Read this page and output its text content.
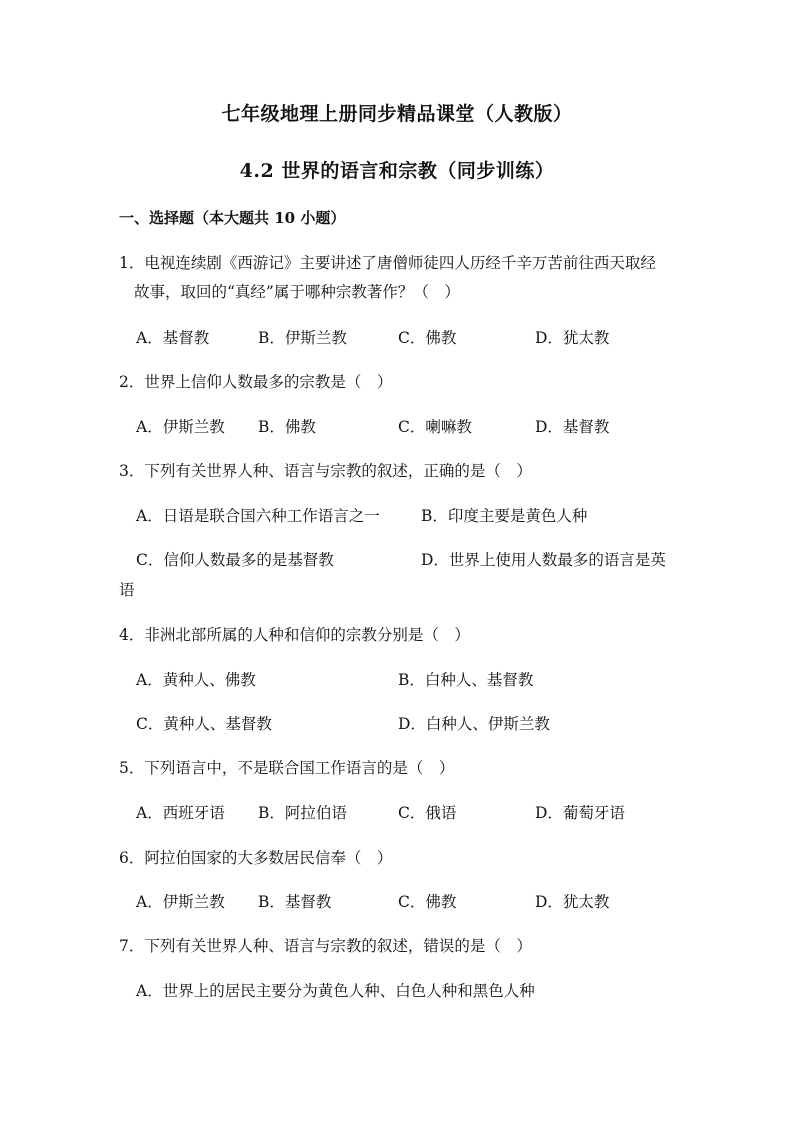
七年级地理上册同步精品课堂（人教版）
4.2 世界的语言和宗教（同步训练）
一、选择题（本大题共 10 小题）
1．电视连续剧《西游记》主要讲述了唐僧师徒四人历经千辛万苦前往西天取经
故事，取回的“真经”属于哪种宗教著作？（　）
A．基督教	B．伊斯兰教	C．佛教	D．犹太教
2．世界上信仰人数最多的宗教是（　）
A．伊斯兰教 B．佛教	C．喇嘛教	D．基督教
3．下列有关世界人种、语言与宗教的叙述，正确的是（　）
A．日语是联合国六种工作语言之一	B．印度主要是黄色人种
C．信仰人数最多的是基督教	D．世界上使用人数最多的语言是英
语
4．非洲北部所属的人种和信仰的宗教分别是（　）
A．黄种人、佛教	B．白种人、基督教
C．黄种人、基督教	D．白种人、伊斯兰教
5．下列语言中，不是联合国工作语言的是（　）
A．西班牙语 B．阿拉伯语	C．俄语	D．葡萄牙语
6．阿拉伯国家的大多数居民信奉（　）
A．伊斯兰教 B．基督教	C．佛教	D．犹太教
7．下列有关世界人种、语言与宗教的叙述，错误的是（　）
A．世界上的居民主要分为黄色人种、白色人种和黑色人种
